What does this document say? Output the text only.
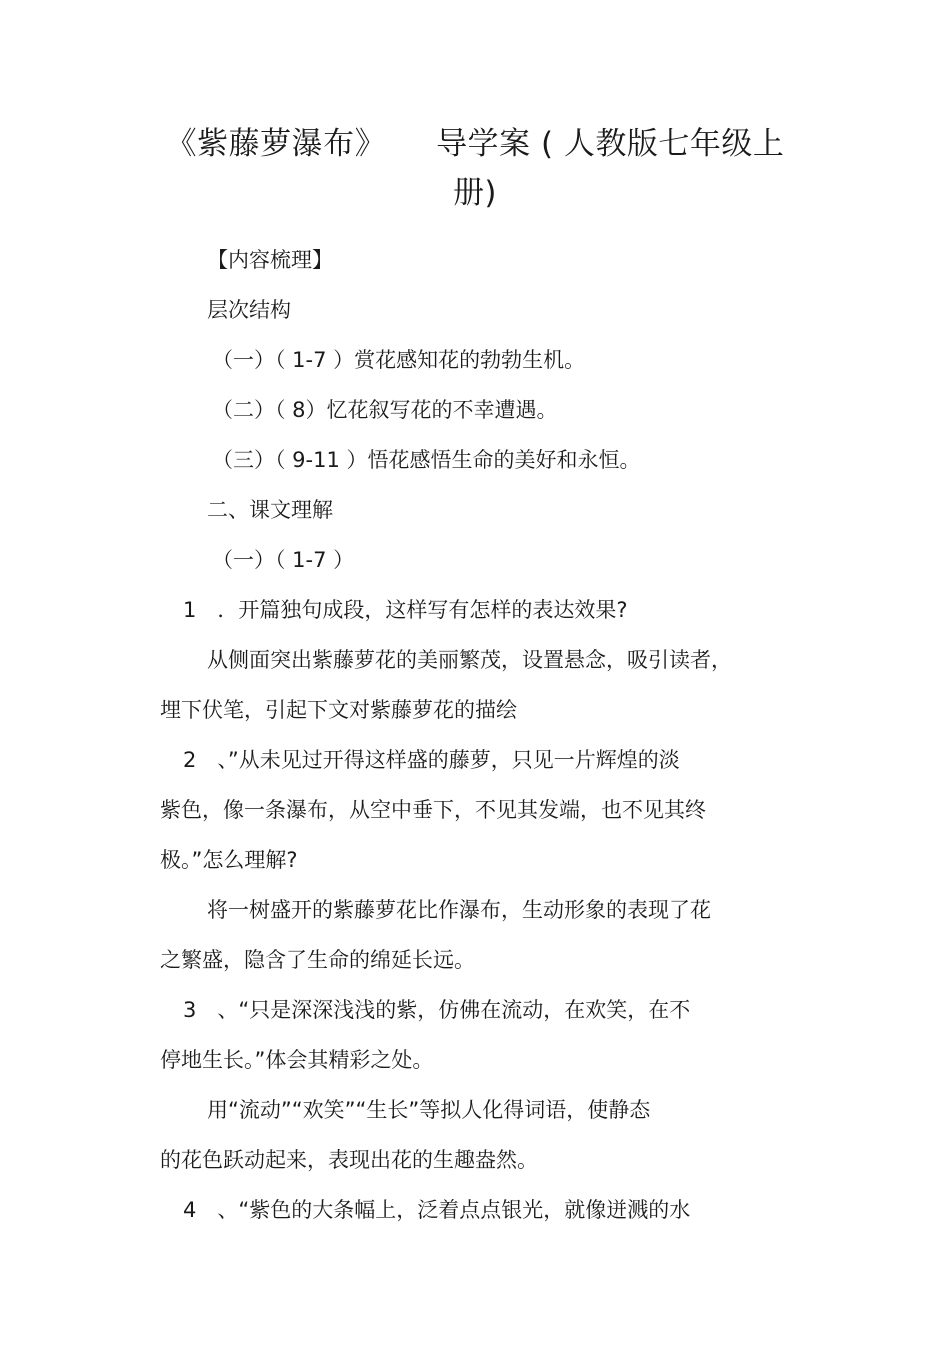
《紫藤萝瀑布》 导学案 ( 人教版七年级上
册)
【内容梳理】
层次结构
（一）（ 1-7 ）赏花感知花的勃勃生机。
（二）（ 8）忆花叙写花的不幸遭遇。
（三）（ 9-11 ）悟花感悟生命的美好和永恒。
二、课文理解
（一）（ 1-7 ）
1　．开篇独句成段，这样写有怎样的表达效果?
从侧面突出紫藤萝花的美丽繁茂，设置悬念，吸引读者，
埋下伏笔，引起下文对紫藤萝花的描绘
2　、”从未见过开得这样盛的藤萝，只见一片辉煌的淡
紫色，像一条瀑布，从空中垂下，不见其发端，也不见其终
极。”怎么理解?
将一树盛开的紫藤萝花比作瀑布，生动形象的表现了花
之繁盛，隐含了生命的绵延长远。
3　、“只是深深浅浅的紫，仿佛在流动，在欢笑，在不
停地生长。”体会其精彩之处。
用“流动”“欢笑”“生长”等拟人化得词语，使静态
的花色跃动起来，表现出花的生趣盎然。
4　、“紫色的大条幅上，泛着点点银光，就像迸溅的水
